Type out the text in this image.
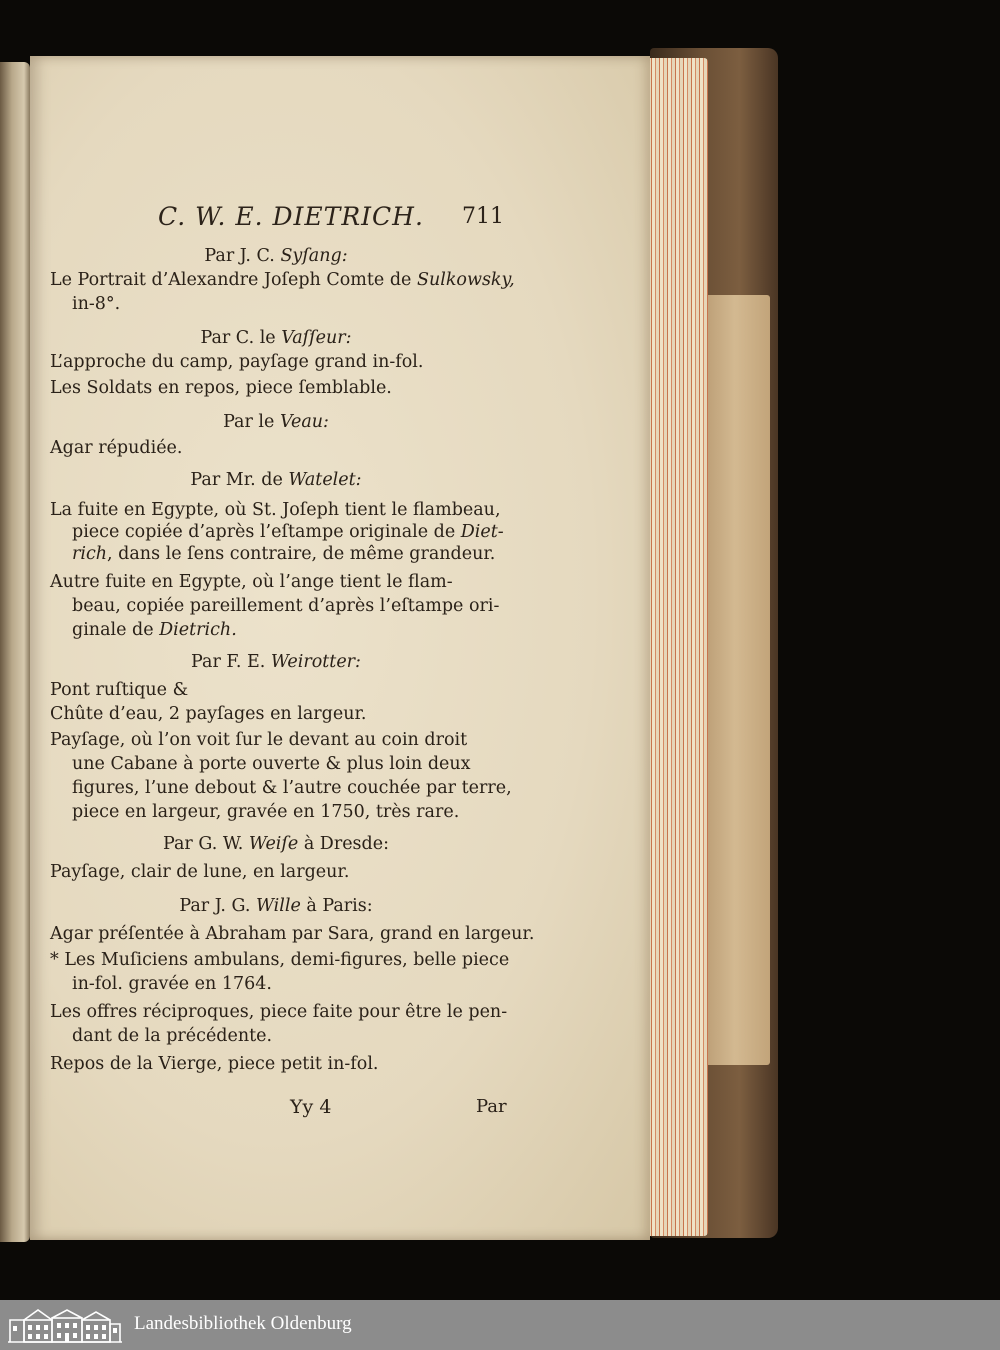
C. W. E. DIETRICH. 711
Par J. C. Syſang:
Le Portrait d’Alexandre Joſeph Comte de Sulkowsky,
in-8°.
Par C. le Vaſſeur:
L’approche du camp, payſage grand in-fol.
Les Soldats en repos, piece ſemblable.
Par le Veau:
Agar répudiée.
Par Mr. de Watelet:
La fuite en Egypte, où St. Joſeph tient le flambeau,
piece copiée d’après l’eſtampe originale de Diet-
rich, dans le ſens contraire, de même grandeur.
Autre fuite en Egypte, où l’ange tient le flam-
beau, copiée pareillement d’après l’eſtampe ori-
ginale de Dietrich.
Par F. E. Weirotter:
Pont ruſtique &
Chûte d’eau, 2 payſages en largeur.
Payſage, où l’on voit ſur le devant au coin droit
une Cabane à porte ouverte & plus loin deux
figures, l’une debout & l’autre couchée par terre,
piece en largeur, gravée en 1750, très rare.
Par G. W. Weiſe à Dresde:
Payſage, clair de lune, en largeur.
Par J. G. Wille à Paris:
Agar préſentée à Abraham par Sara, grand en largeur.
* Les Muſiciens ambulans, demi-figures, belle piece
in-fol. gravée en 1764.
Les offres réciproques, piece faite pour être le pen-
dant de la précédente.
Repos de la Vierge, piece petit in-fol.
Yy 4	Par
Landesbibliothek Oldenburg
